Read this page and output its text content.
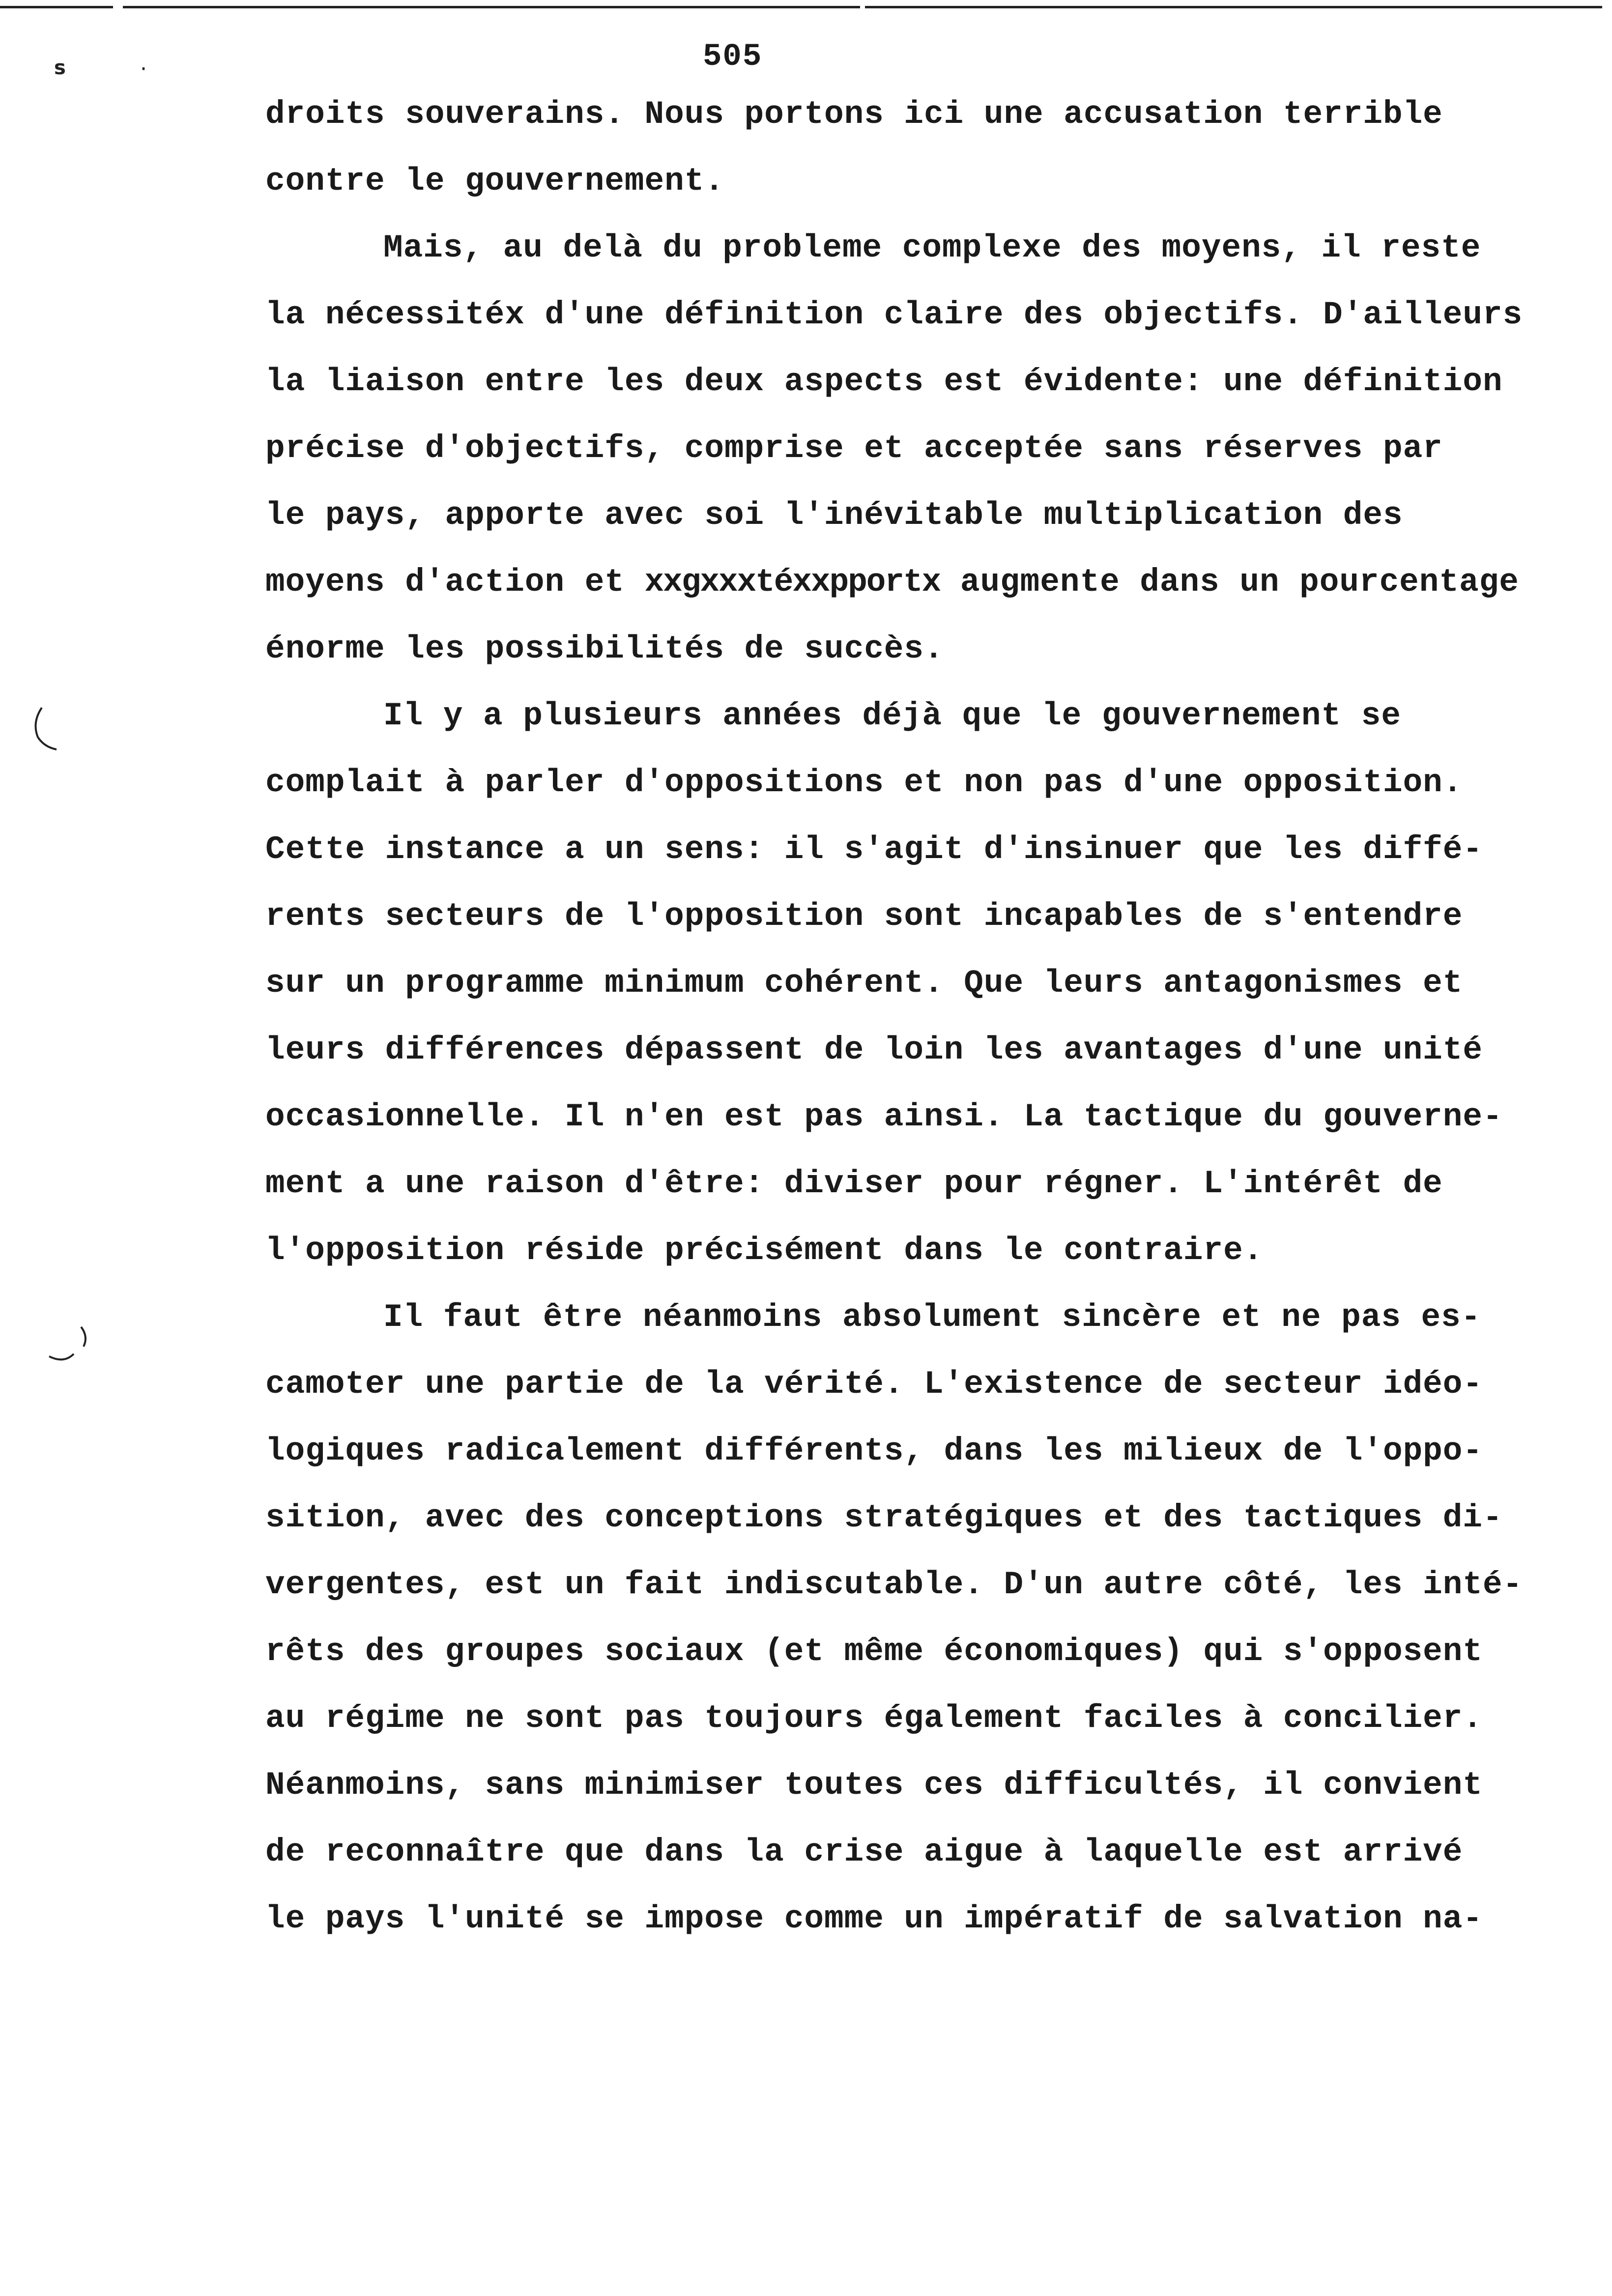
505
s	·
droits souverains. Nous portons ici une accusation terrible
contre le gouvernement.
Mais, au delà du probleme complexe des moyens, il reste
la nécessitéx d'une définition claire des objectifs. D'ailleurs
la liaison entre les deux aspects est évidente: une définition
précise d'objectifs, comprise et acceptée sans réserves par
le pays, apporte avec soi l'inévitable multiplication des
moyens d'action et xxgxxxtéxxpportx augmente dans un pourcentage
énorme les possibilités de succès.
Il y a plusieurs années déjà que le gouvernement se
complait à parler d'oppositions et non pas d'une opposition.
Cette instance a un sens: il s'agit d'insinuer que les diffé-
rents secteurs de l'opposition sont incapables de s'entendre
sur un programme minimum cohérent. Que leurs antagonismes et
leurs différences dépassent de loin les avantages d'une unité
occasionnelle. Il n'en est pas ainsi. La tactique du gouverne-
ment a une raison d'être: diviser pour régner. L'intérêt de
l'opposition réside précisément dans le contraire.
Il faut être néanmoins absolument sincère et ne pas es-
camoter une partie de la vérité. L'existence de secteur idéo-
logiques radicalement différents, dans les milieux de l'oppo-
sition, avec des conceptions stratégiques et des tactiques di-
vergentes, est un fait indiscutable. D'un autre côté, les inté-
rêts des groupes sociaux (et même économiques) qui s'opposent
au régime ne sont pas toujours également faciles à concilier.
Néanmoins, sans minimiser toutes ces difficultés, il convient
de reconnaître que dans la crise aigue à laquelle est arrivé
le pays l'unité se impose comme un impératif de salvation na-
